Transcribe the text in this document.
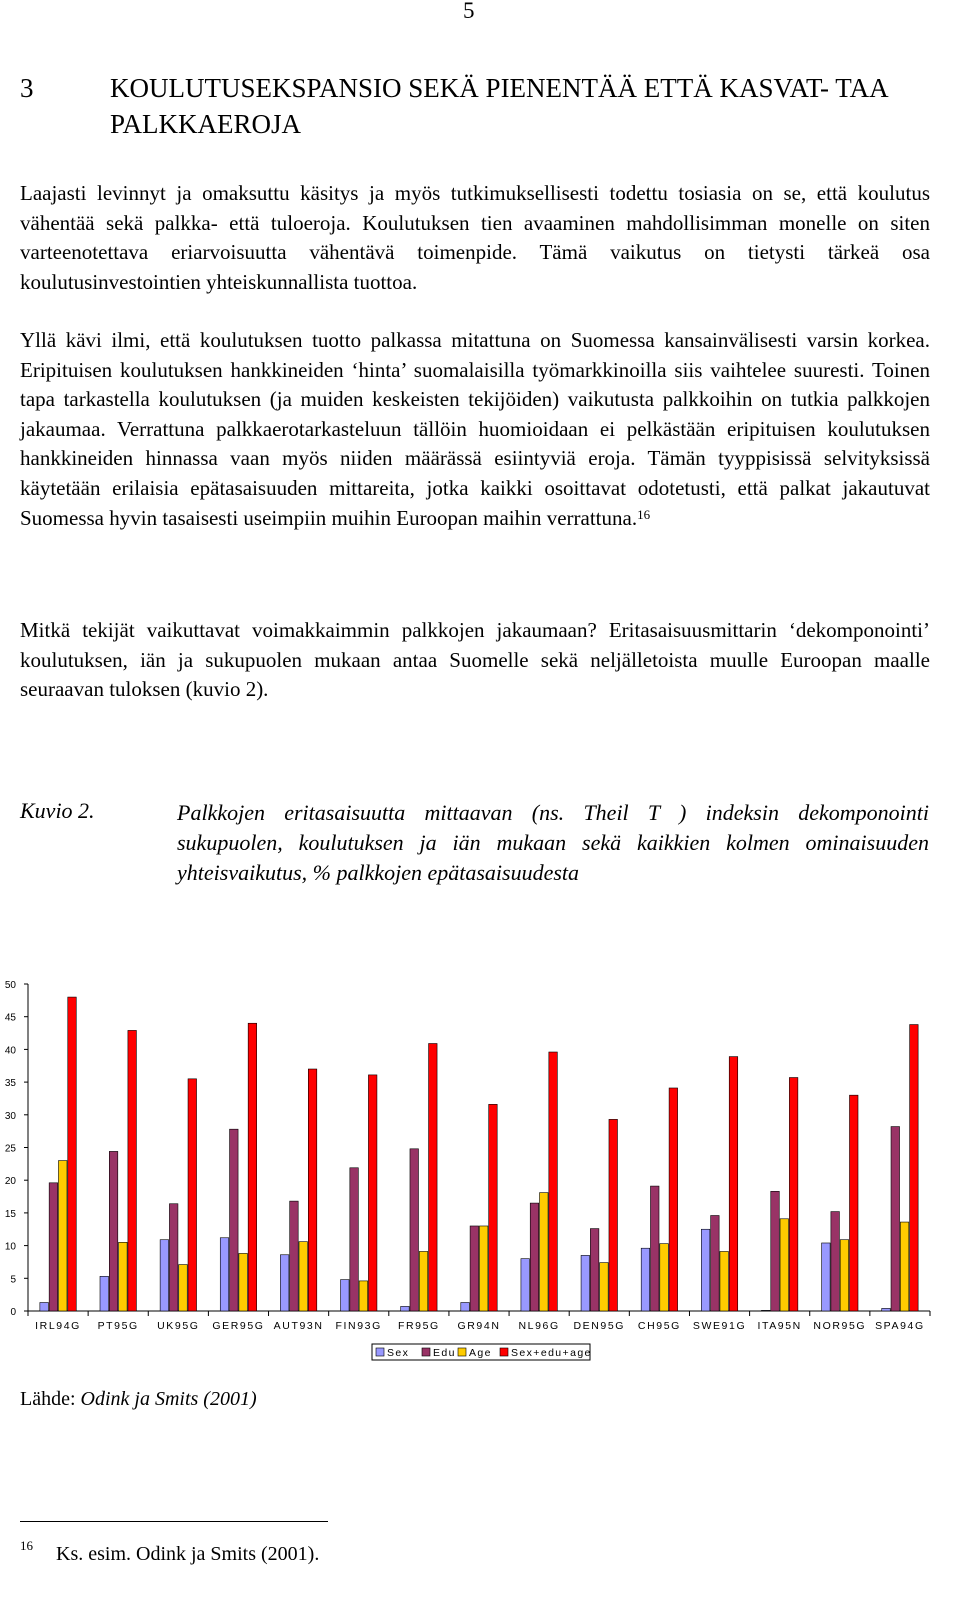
5
3	KOULUTUSEKSPANSIO SEKÄ PIENENTÄÄ ETTÄ KASVAT- TAA PALKKAEROJA

Laajasti levinnyt ja omaksuttu käsitys ja myös tutkimuksellisesti todettu tosiasia on se, että koulutus vähentää sekä palkka- että tuloeroja. Koulutuksen tien avaaminen mahdollisimman monelle on siten varteenotettava eriarvoisuutta vähentävä toimenpide. Tämä vaikutus on tietysti tärkeä osa koulutusinvestointien yhteiskunnallista tuottoa.

Yllä kävi ilmi, että koulutuksen tuotto palkassa mitattuna on Suomessa kansainvälisesti varsin korkea. Eripituisen koulutuksen hankkineiden ‘hinta’ suomalaisilla työmarkkinoilla siis vaihtelee suuresti. Toinen tapa tarkastella koulutuksen (ja muiden keskeisten tekijöiden) vaikutusta palkkoihin on tutkia palkkojen jakaumaa. Verrattuna palkkaerotarkasteluun tällöin huomioidaan ei pelkästään eripituisen koulutuksen hankkineiden hinnassa vaan myös niiden määrässä esiintyviä eroja. Tämän tyyppisissä selvityksissä käytetään erilaisia epätasaisuuden mittareita, jotka kaikki osoittavat odotetusti, että palkat jakautuvat Suomessa hyvin tasaisesti useimpiin muihin Euroopan maihin verrattuna.$^{16}$

Mitkä tekijät vaikuttavat voimakkaimmin palkkojen jakaumaan? Eritasaisuusmittarin ‘dekomponointi’ koulutuksen, iän ja sukupuolen mukaan antaa Suomelle sekä neljälletoista muulle Euroopan maalle seuraavan tuloksen (kuvio 2).

Kuvio 2.	Palkkojen eritasaisuutta mittaavan (ns. Theil T ) indeksin dekomponointi sukupuolen, koulutuksen ja iän mukaan sekä kaikkien kolmen ominaisuuden yhteisvaikutus, % palkkojen epätasaisuudesta
0
5
10
15
20
25
30
35
40
45
50
IRL94G PT95G UK95G GER95G AUT93N FIN93G FR95G GR94N NL96G DEN95G CH95G SWE91G ITA95N NOR95G SPA94G
Sex Edu Age Sex+edu+age
Lähde: Odink ja Smits (2001)
16 Ks. esim. Odink ja Smits (2001).
